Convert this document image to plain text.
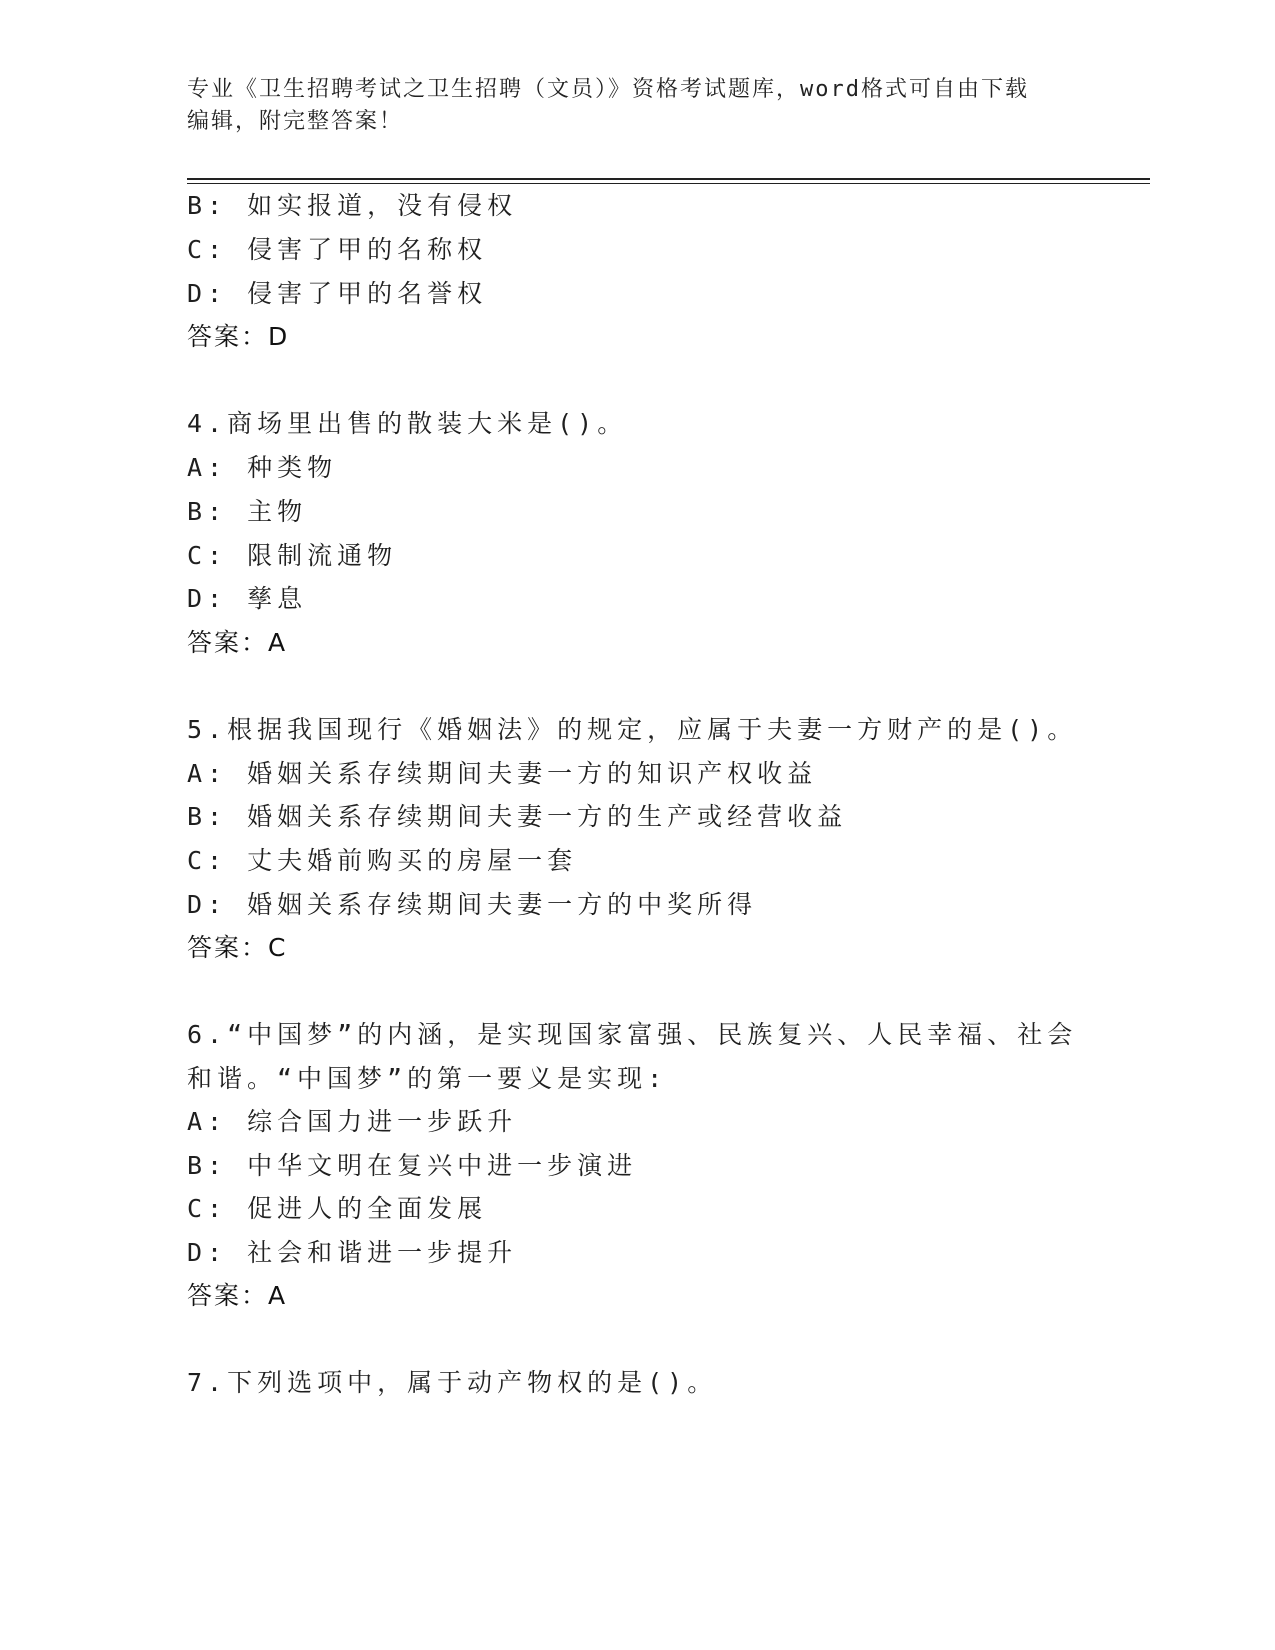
专业《卫生招聘考试之卫生招聘（文员）》资格考试题库，word格式可自由下载
编辑，附完整答案！
B: 如实报道，没有侵权
C: 侵害了甲的名称权
D: 侵害了甲的名誉权
答案：D
4.商场里出售的散装大米是()。
A: 种类物
B: 主物
C: 限制流通物
D: 孳息
答案：A
5.根据我国现行《婚姻法》的规定，应属于夫妻一方财产的是()。
A: 婚姻关系存续期间夫妻一方的知识产权收益
B: 婚姻关系存续期间夫妻一方的生产或经营收益
C: 丈夫婚前购买的房屋一套
D: 婚姻关系存续期间夫妻一方的中奖所得
答案：C
6.“中国梦”的内涵，是实现国家富强、民族复兴、人民幸福、社会
和谐。“中国梦”的第一要义是实现:
A: 综合国力进一步跃升
B: 中华文明在复兴中进一步演进
C: 促进人的全面发展
D: 社会和谐进一步提升
答案：A
7.下列选项中，属于动产物权的是()。
